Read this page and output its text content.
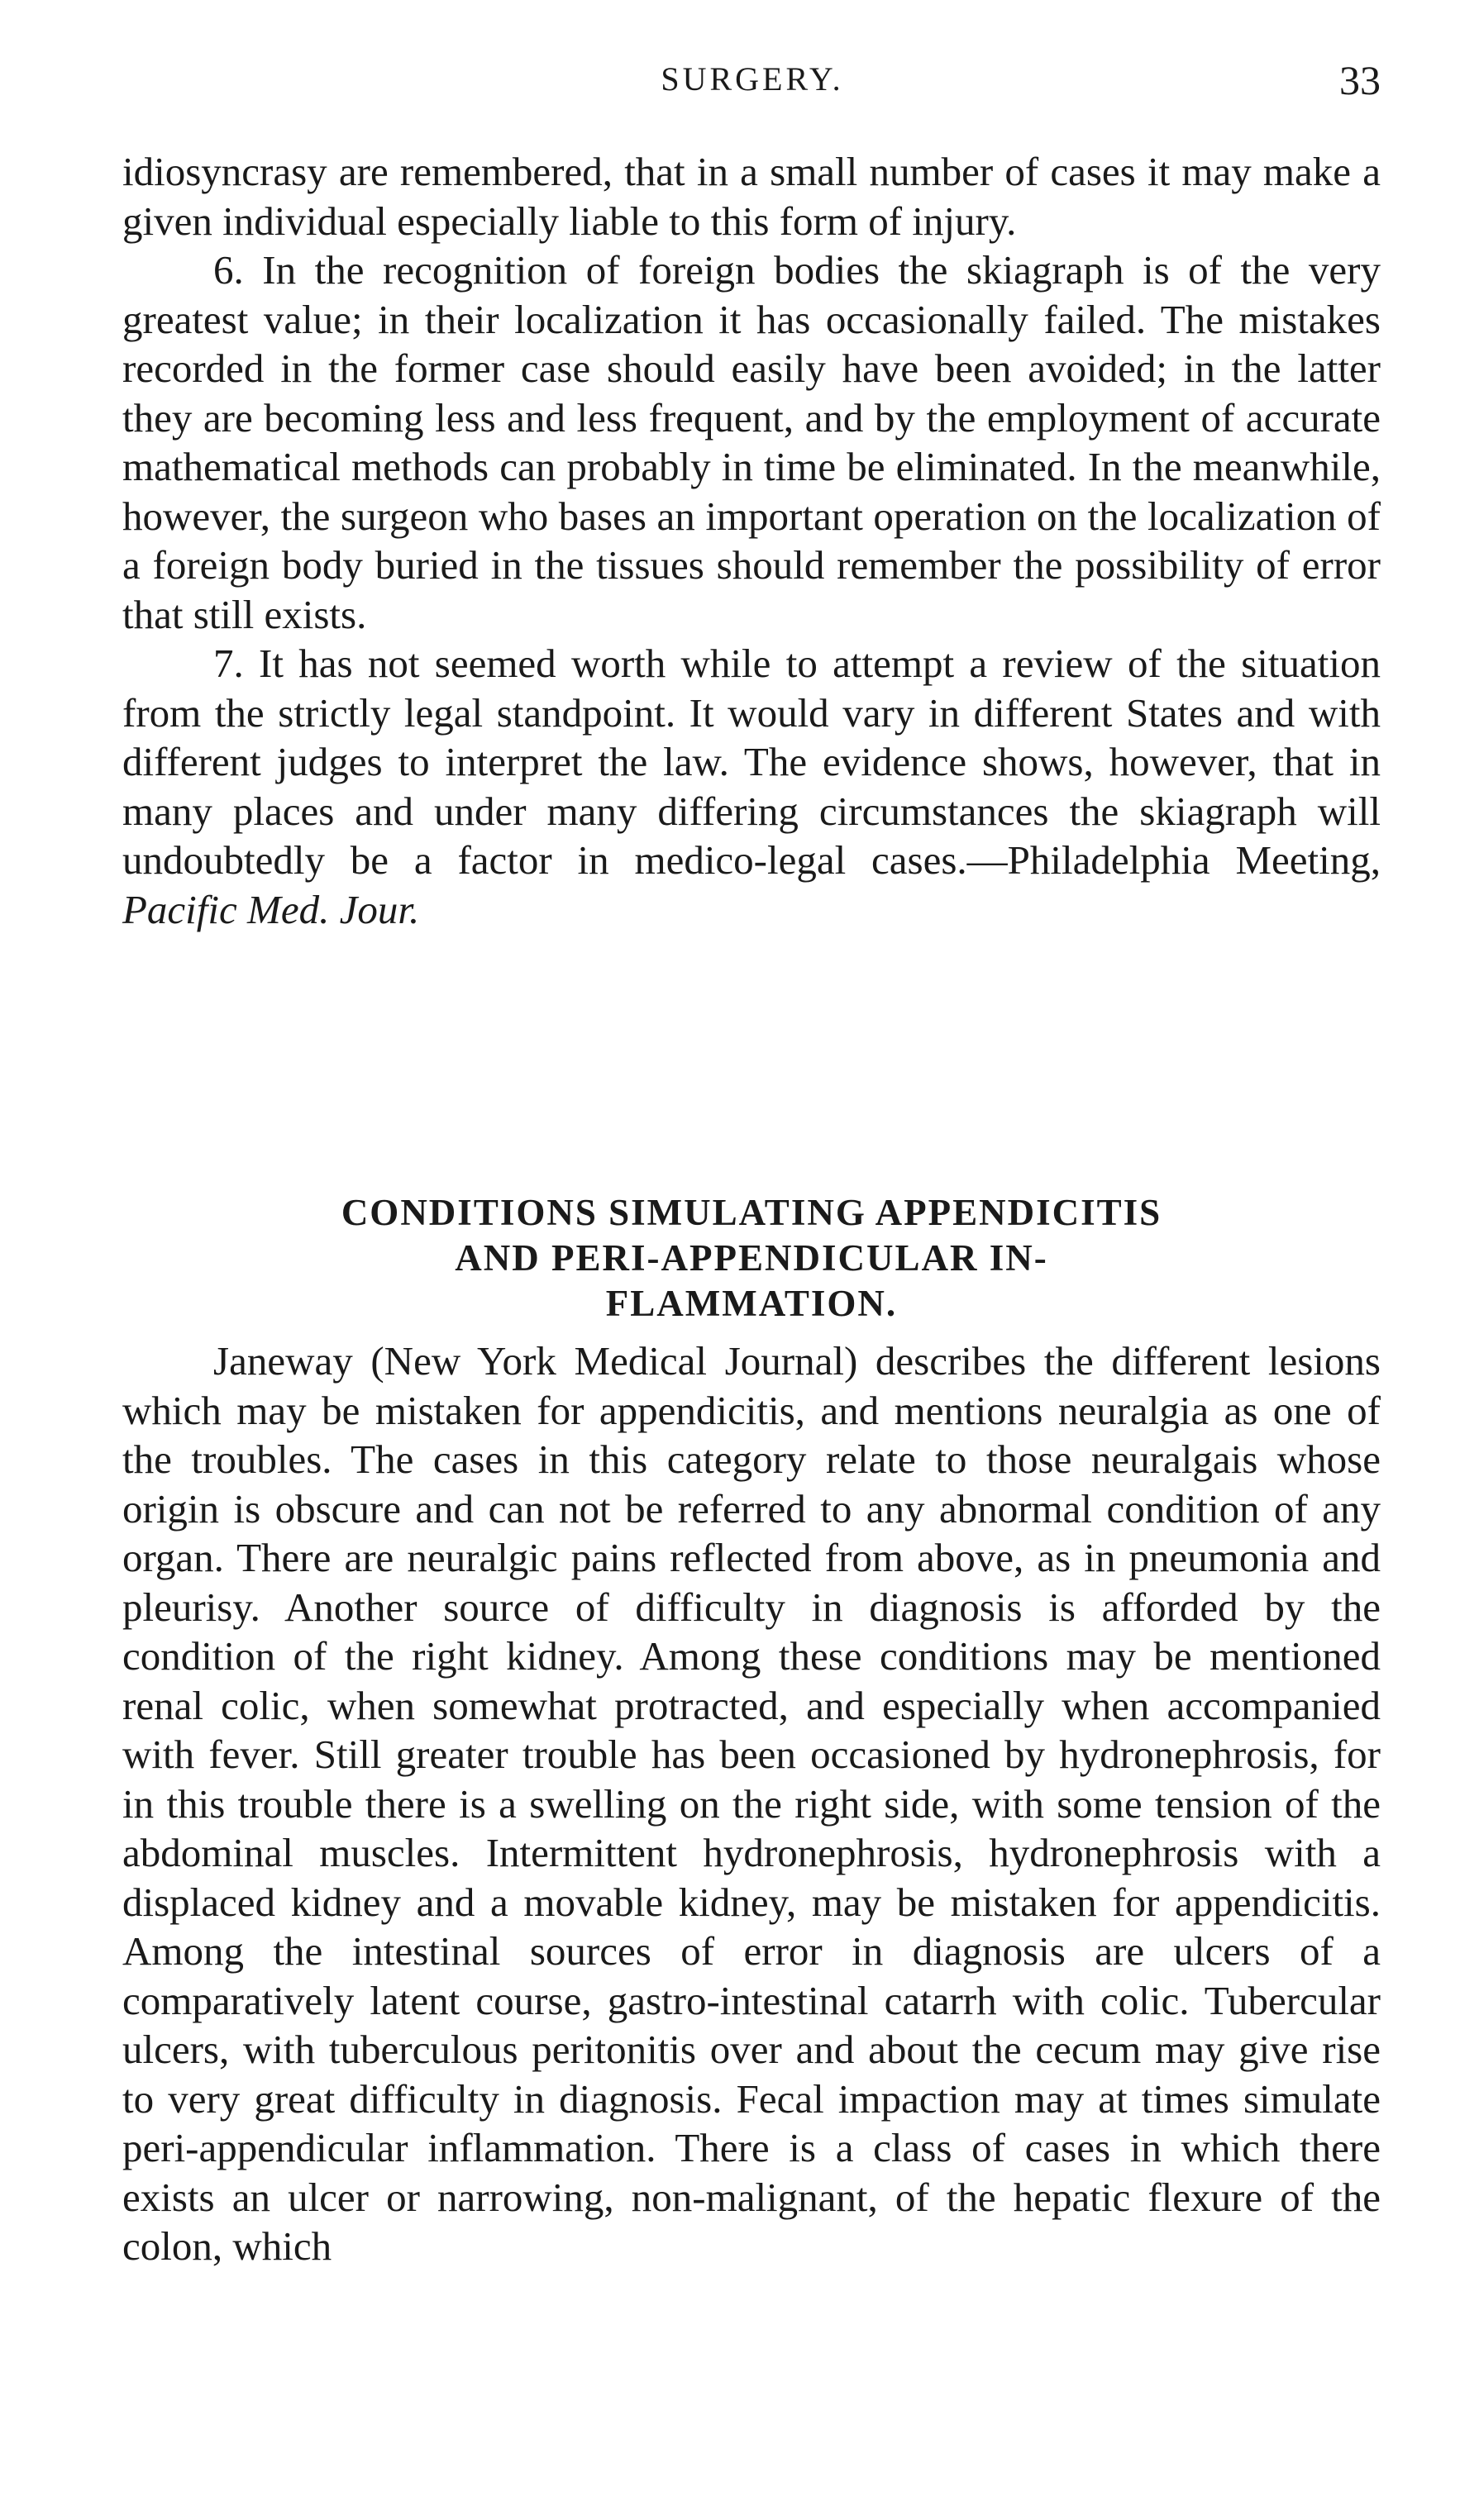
SURGERY.	33

idiosyncrasy are remembered, that in a small number of cases it may make a given individual especially liable to this form of injury.

6. In the recognition of foreign bodies the skiagraph is of the very greatest value; in their localization it has occasionally failed. The mistakes recorded in the former case should easily have been avoided; in the latter they are becoming less and less frequent, and by the employment of accurate mathematical methods can probably in time be eliminated. In the meanwhile, however, the surgeon who bases an important operation on the localization of a foreign body buried in the tissues should remember the possibility of error that still exists.

7. It has not seemed worth while to attempt a review of the situation from the strictly legal standpoint. It would vary in different States and with different judges to interpret the law. The evidence shows, however, that in many places and under many differing circumstances the skiagraph will undoubtedly be a factor in medico-legal cases.—Philadelphia Meeting, Pacific Med. Jour.

CONDITIONS SIMULATING APPENDICITIS
AND PERI-APPENDICULAR IN-
FLAMMATION.

Janeway (New York Medical Journal) describes the different lesions which may be mistaken for appendicitis, and mentions neuralgia as one of the troubles. The cases in this category relate to those neuralgais whose origin is obscure and can not be referred to any abnormal condition of any organ. There are neuralgic pains reflected from above, as in pneumonia and pleurisy. Another source of difficulty in diagnosis is afforded by the condition of the right kidney. Among these conditions may be mentioned renal colic, when somewhat protracted, and especially when accompanied with fever. Still greater trouble has been occasioned by hydronephrosis, for in this trouble there is a swelling on the right side, with some tension of the abdominal muscles. Intermittent hydronephrosis, hydronephrosis with a displaced kidney and a movable kidney, may be mistaken for appendicitis. Among the intestinal sources of error in diagnosis are ulcers of a comparatively latent course, gastro-intestinal catarrh with colic. Tubercular ulcers, with tuberculous peritonitis over and about the cecum may give rise to very great difficulty in diagnosis. Fecal impaction may at times simulate peri-appendicular inflammation. There is a class of cases in which there exists an ulcer or narrowing, non-malignant, of the hepatic flexure of the colon, which
